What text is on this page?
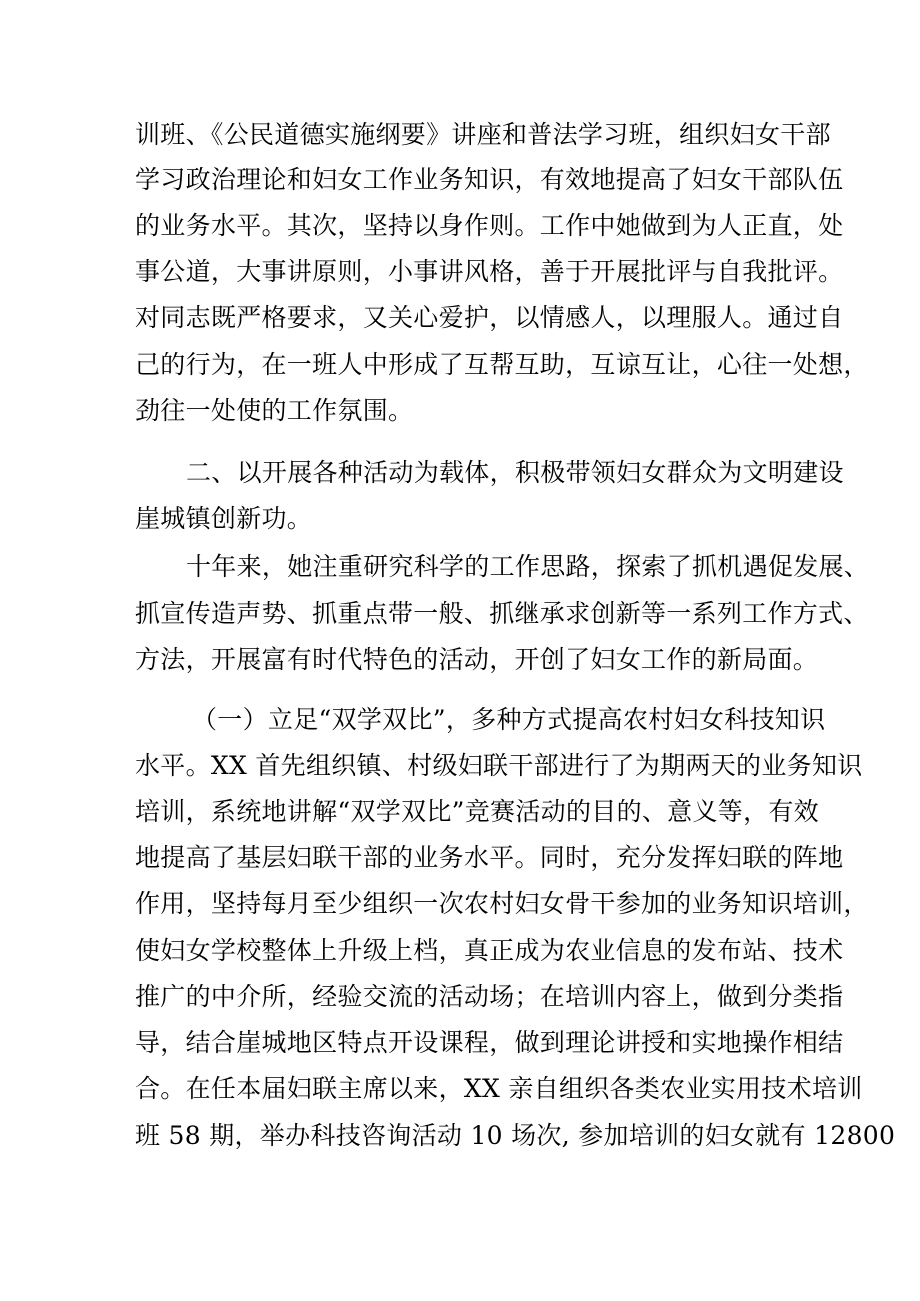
训班、《公民道德实施纲要》讲座和普法学习班，组织妇女干部
学习政治理论和妇女工作业务知识，有效地提高了妇女干部队伍
的业务水平。其次，坚持以身作则。工作中她做到为人正直，处
事公道，大事讲原则，小事讲风格，善于开展批评与自我批评。
对同志既严格要求，又关心爱护，以情感人，以理服人。通过自
己的行为，在一班人中形成了互帮互助，互谅互让，心往一处想，
劲往一处使的工作氛围。
二、以开展各种活动为载体，积极带领妇女群众为文明建设
崖城镇创新功。
十年来，她注重研究科学的工作思路，探索了抓机遇促发展、
抓宣传造声势、抓重点带一般、抓继承求创新等一系列工作方式、
方法，开展富有时代特色的活动，开创了妇女工作的新局面。
（一）立足“双学双比”，多种方式提高农村妇女科技知识
水平。XX 首先组织镇、村级妇联干部进行了为期两天的业务知识
培训，系统地讲解“双学双比”竞赛活动的目的、意义等，有效
地提高了基层妇联干部的业务水平。同时，充分发挥妇联的阵地
作用，坚持每月至少组织一次农村妇女骨干参加的业务知识培训，
使妇女学校整体上升级上档，真正成为农业信息的发布站、技术
推广的中介所，经验交流的活动场；在培训内容上，做到分类指
导，结合崖城地区特点开设课程，做到理论讲授和实地操作相结
合。在任本届妇联主席以来，XX 亲自组织各类农业实用技术培训
班 58 期，举办科技咨询活动 10 场次, 参加培训的妇女就有 12800
